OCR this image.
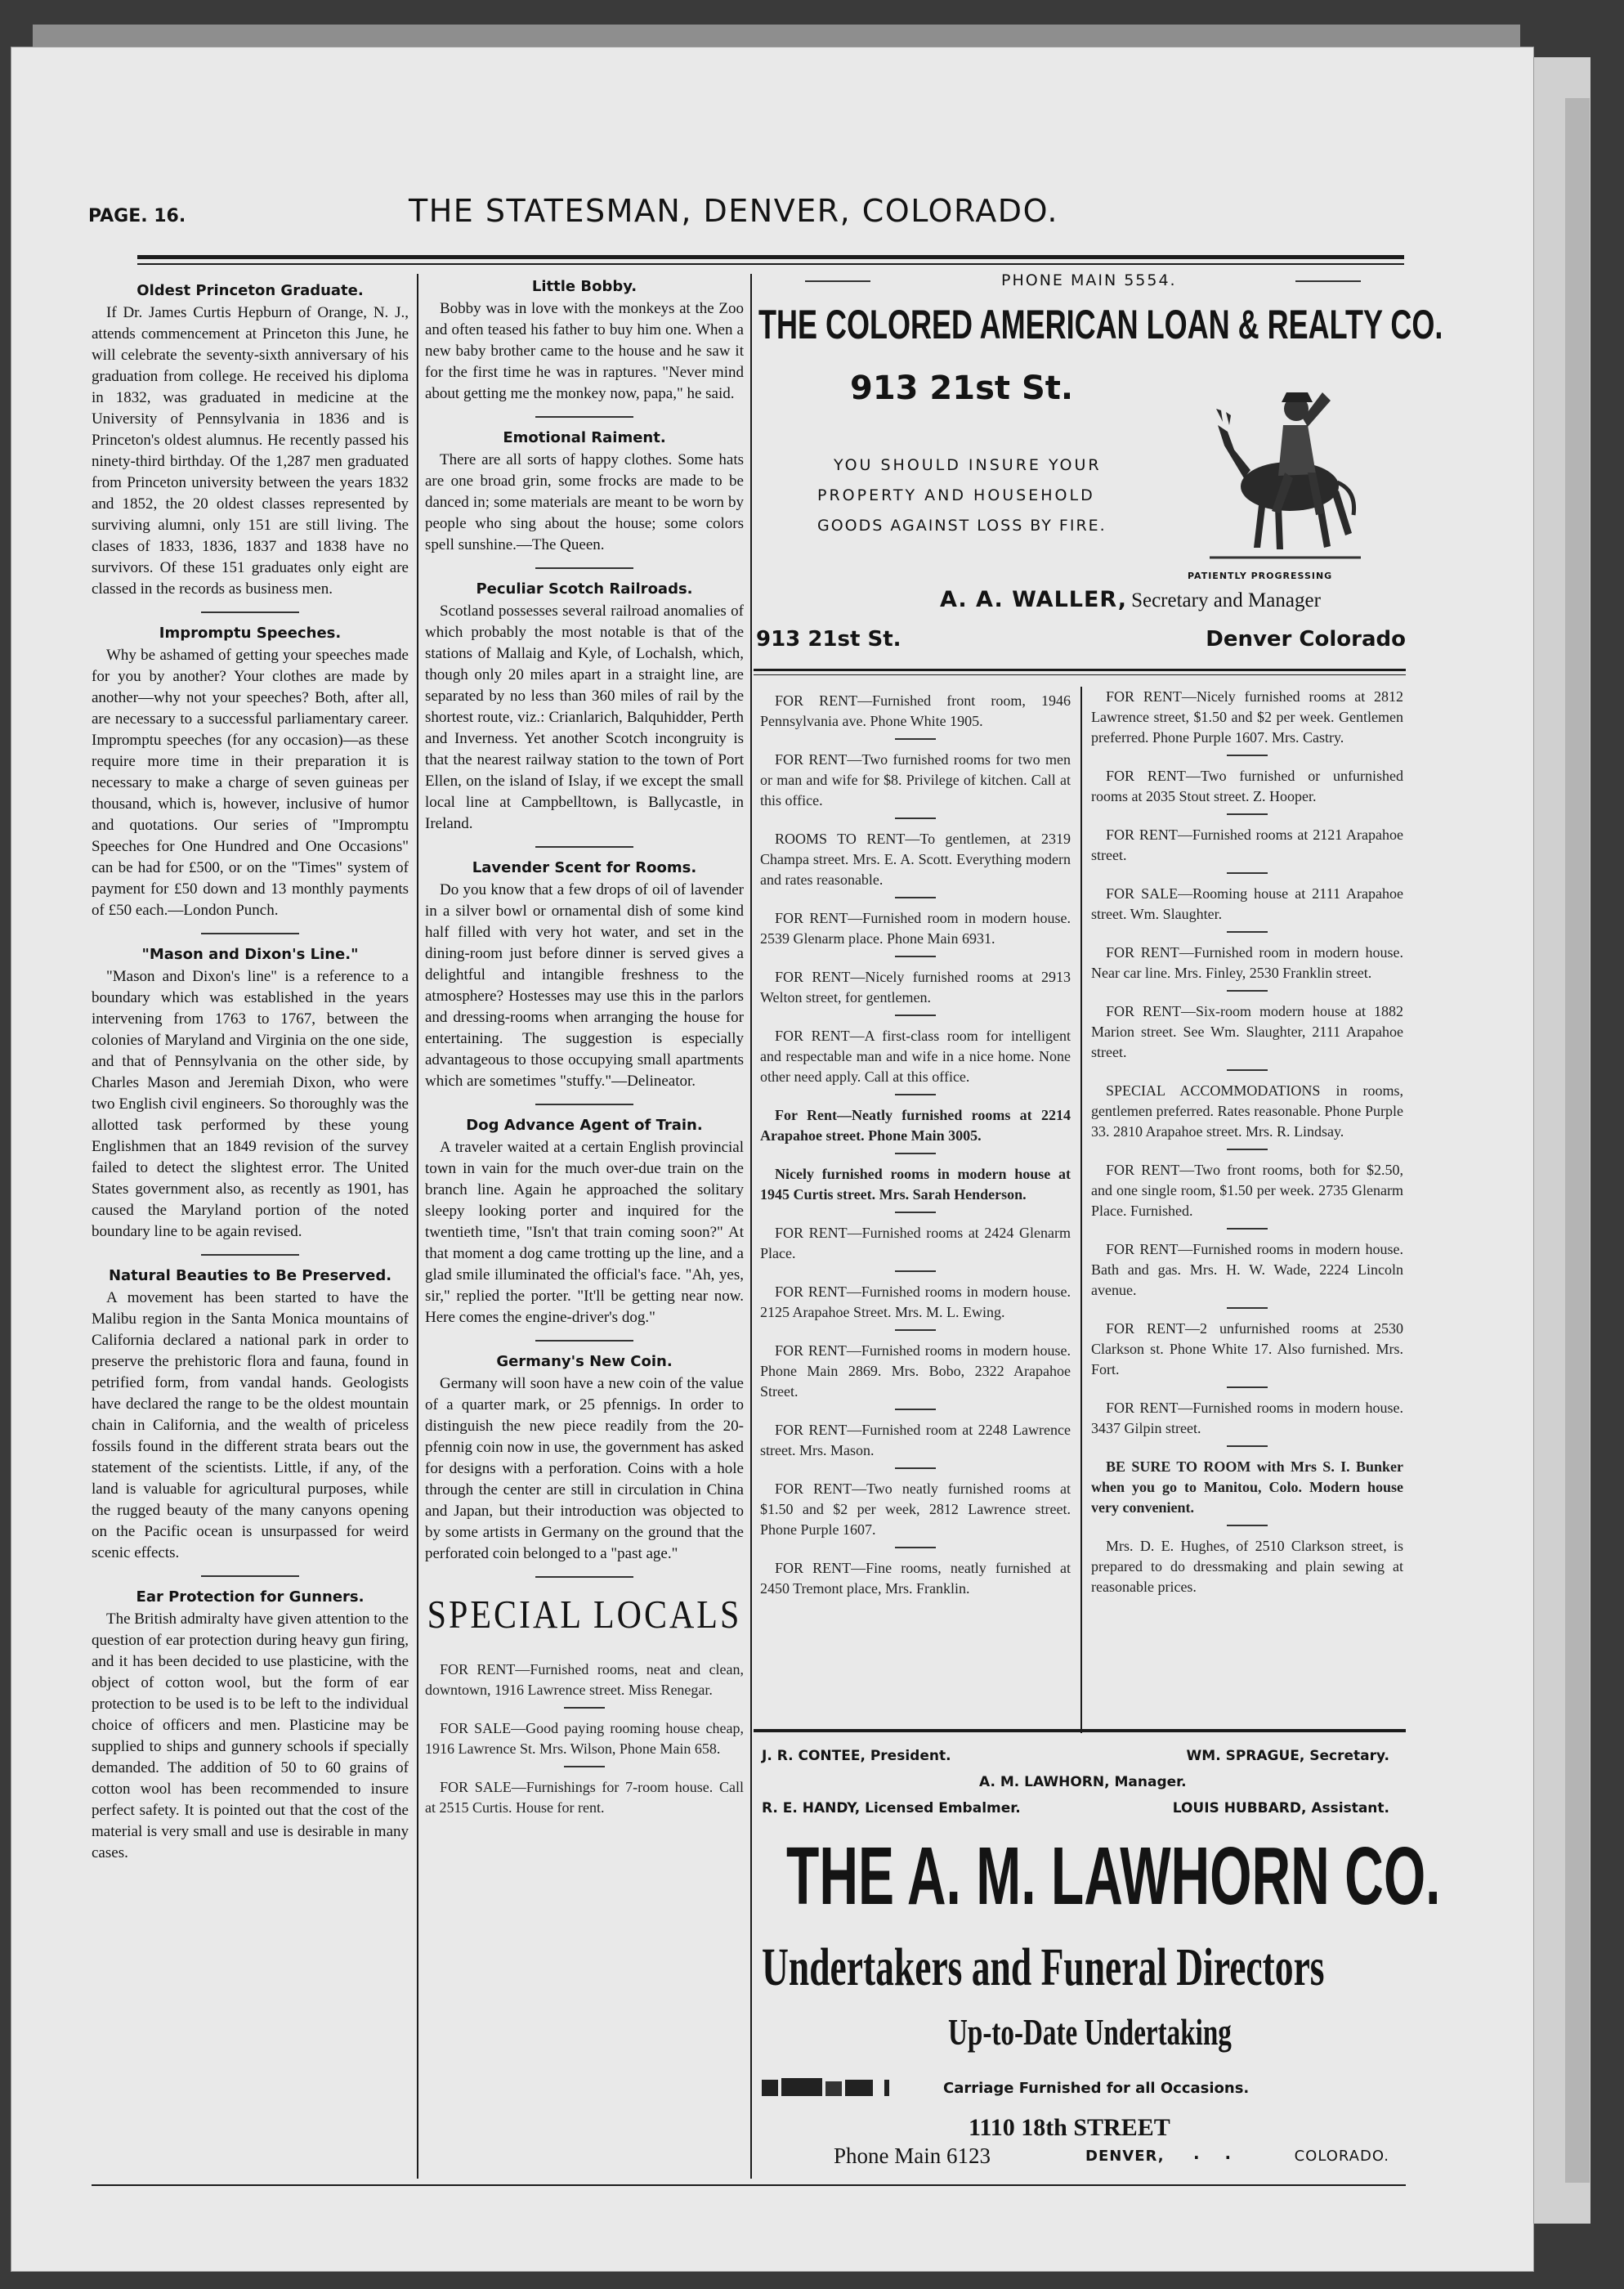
PAGE. 16.	THE STATESMAN, DENVER, COLORADO.
Oldest Princeton Graduate.

If Dr. James Curtis Hepburn of Orange, N. J., attends commencement at Princeton this June, he will celebrate the seventy-sixth anniversary of his graduation from college. He received his diploma in 1832, was graduated in medicine at the University of Pennsylvania in 1836 and is Princeton's oldest alumnus. He recently passed his ninety-third birthday. Of the 1,287 men graduated from Princeton university between the years 1832 and 1852, the 20 oldest classes represented by surviving alumni, only 151 are still living. The clases of 1833, 1836, 1837 and 1838 have no survivors. Of these 151 graduates only eight are classed in the records as business men.

Impromptu Speeches.

Why be ashamed of getting your speeches made for you by another? Your clothes are made by another—why not your speeches? Both, after all, are necessary to a successful parliamentary career. Impromptu speeches (for any occasion)—as these require more time in their preparation it is necessary to make a charge of seven guineas per thousand, which is, however, inclusive of humor and quotations. Our series of "Impromptu Speeches for One Hundred and One Occasions" can be had for £500, or on the "Times" system of payment for £50 down and 13 monthly payments of £50 each.—London Punch.

"Mason and Dixon's Line."

"Mason and Dixon's line" is a reference to a boundary which was established in the years intervening from 1763 to 1767, between the colonies of Maryland and Virginia on the one side, and that of Pennsylvania on the other side, by Charles Mason and Jeremiah Dixon, who were two English civil engineers. So thoroughly was the allotted task performed by these young Englishmen that an 1849 revision of the survey failed to detect the slightest error. The United States government also, as recently as 1901, has caused the Maryland portion of the noted boundary line to be again revised.

Natural Beauties to Be Preserved.

A movement has been started to have the Malibu region in the Santa Monica mountains of California declared a national park in order to preserve the prehistoric flora and fauna, found in petrified form, from vandal hands. Geologists have declared the range to be the oldest mountain chain in California, and the wealth of priceless fossils found in the different strata bears out the statement of the scientists. Little, if any, of the land is valuable for agricultural purposes, while the rugged beauty of the many canyons opening on the Pacific ocean is unsurpassed for weird scenic effects.

Ear Protection for Gunners.

The British admiralty have given attention to the question of ear protection during heavy gun firing, and it has been decided to use plasticine, with the object of cotton wool, but the form of ear protection to be used is to be left to the individual choice of officers and men. Plasticine may be supplied to ships and gunnery schools if specially demanded. The addition of 50 to 60 grains of cotton wool has been recommended to insure perfect safety. It is pointed out that the cost of the material is very small and use is desirable in many cases.

Little Bobby.

Bobby was in love with the monkeys at the Zoo and often teased his father to buy him one. When a new baby brother came to the house and he saw it for the first time he was in raptures. "Never mind about getting me the monkey now, papa," he said.

Emotional Raiment.

There are all sorts of happy clothes. Some hats are one broad grin, some frocks are made to be danced in; some materials are meant to be worn by people who sing about the house; some colors spell sunshine.—The Queen.

Peculiar Scotch Railroads.

Scotland possesses several railroad anomalies of which probably the most notable is that of the stations of Mallaig and Kyle, of Lochalsh, which, though only 20 miles apart in a straight line, are separated by no less than 360 miles of rail by the shortest route, viz.: Crianlarich, Balquhidder, Perth and Inverness. Yet another Scotch incongruity is that the nearest railway station to the town of Port Ellen, on the island of Islay, if we except the small local line at Campbelltown, is Ballycastle, in Ireland.

Lavender Scent for Rooms.

Do you know that a few drops of oil of lavender in a silver bowl or ornamental dish of some kind half filled with very hot water, and set in the dining-room just before dinner is served gives a delightful and intangible freshness to the atmosphere? Hostesses may use this in the parlors and dressing-rooms when arranging the house for entertaining. The suggestion is especially advantageous to those occupying small apartments which are sometimes "stuffy."—Delineator.

Dog Advance Agent of Train.

A traveler waited at a certain English provincial town in vain for the much over-due train on the branch line. Again he approached the solitary sleepy looking porter and inquired for the twentieth time, "Isn't that train coming soon?" At that moment a dog came trotting up the line, and a glad smile illuminated the official's face. "Ah, yes, sir," replied the porter. "It'll be getting near now. Here comes the engine-driver's dog."

Germany's New Coin.

Germany will soon have a new coin of the value of a quarter mark, or 25 pfennigs. In order to distinguish the new piece readily from the 20-pfennig coin now in use, the government has asked for designs with a perforation. Coins with a hole through the center are still in circulation in China and Japan, but their introduction was objected to by some artists in Germany on the ground that the perforated coin belonged to a "past age."

SPECIAL LOCALS

FOR RENT—Furnished rooms, neat and clean, downtown, 1916 Lawrence street. Miss Renegar.

FOR SALE—Good paying rooming house cheap, 1916 Lawrence St. Mrs. Wilson, Phone Main 658.

FOR SALE—Furnishings for 7-room house. Call at 2515 Curtis. House for rent.

PHONE MAIN 5554.
THE COLORED AMERICAN LOAN & REALTY CO.
913 21st St.
YOU SHOULD INSURE YOUR
PROPERTY AND HOUSEHOLD
GOODS AGAINST LOSS BY FIRE.
PATIENTLY PROGRESSING
A. A. WALLER, Secretary and Manager
913 21st St.	Denver Colorado

FOR RENT—Furnished front room, 1946 Pennsylvania ave. Phone White 1905.

FOR RENT—Two furnished rooms for two men or man and wife for $8. Privilege of kitchen. Call at this office.

ROOMS TO RENT—To gentlemen, at 2319 Champa street. Mrs. E. A. Scott. Everything modern and rates reasonable.

FOR RENT—Furnished room in modern house. 2539 Glenarm place. Phone Main 6931.

FOR RENT—Nicely furnished rooms at 2913 Welton street, for gentlemen.

FOR RENT—A first-class room for intelligent and respectable man and wife in a nice home. None other need apply. Call at this office.

For Rent—Neatly furnished rooms at 2214 Arapahoe street. Phone Main 3005.

Nicely furnished rooms in modern house at 1945 Curtis street. Mrs. Sarah Henderson.

FOR RENT—Furnished rooms at 2424 Glenarm Place.

FOR RENT—Furnished rooms in modern house. 2125 Arapahoe Street. Mrs. M. L. Ewing.

FOR RENT—Furnished rooms in modern house. Phone Main 2869. Mrs. Bobo, 2322 Arapahoe Street.

FOR RENT—Furnished room at 2248 Lawrence street. Mrs. Mason.

FOR RENT—Two neatly furnished rooms at $1.50 and $2 per week, 2812 Lawrence street. Phone Purple 1607.

FOR RENT—Fine rooms, neatly furnished at 2450 Tremont place, Mrs. Franklin.

FOR RENT—Nicely furnished rooms at 2812 Lawrence street, $1.50 and $2 per week. Gentlemen preferred. Phone Purple 1607. Mrs. Castry.

FOR RENT—Two furnished or unfurnished rooms at 2035 Stout street. Z. Hooper.

FOR RENT—Furnished rooms at 2121 Arapahoe street.

FOR SALE—Rooming house at 2111 Arapahoe street. Wm. Slaughter.

FOR RENT—Furnished room in modern house. Near car line. Mrs. Finley, 2530 Franklin street.

FOR RENT—Six-room modern house at 1882 Marion street. See Wm. Slaughter, 2111 Arapahoe street.

SPECIAL ACCOMMODATIONS in rooms, gentlemen preferred. Rates reasonable. Phone Purple 33. 2810 Arapahoe street. Mrs. R. Lindsay.

FOR RENT—Two front rooms, both for $2.50, and one single room, $1.50 per week. 2735 Glenarm Place. Furnished.

FOR RENT—Furnished rooms in modern house. Bath and gas. Mrs. H. W. Wade, 2224 Lincoln avenue.

FOR RENT—2 unfurnished rooms at 2530 Clarkson st. Phone White 17. Also furnished. Mrs. Fort.

FOR RENT—Furnished rooms in modern house. 3437 Gilpin street.

BE SURE TO ROOM with Mrs S. I. Bunker when you go to Manitou, Colo. Modern house very convenient.

Mrs. D. E. Hughes, of 2510 Clarkson street, is prepared to do dressmaking and plain sewing at reasonable prices.

J. R. CONTEE, President.	WM. SPRAGUE, Secretary.
A. M. LAWHORN, Manager.
R. E. HANDY, Licensed Embalmer.	LOUIS HUBBARD, Assistant.
THE A. M. LAWHORN CO.
Undertakers and Funeral Directors
Up-to-Date Undertaking
Carriage Furnished for all Occasions.
1110 18th STREET
Phone Main 6123	DENVER, . .	COLORADO.
